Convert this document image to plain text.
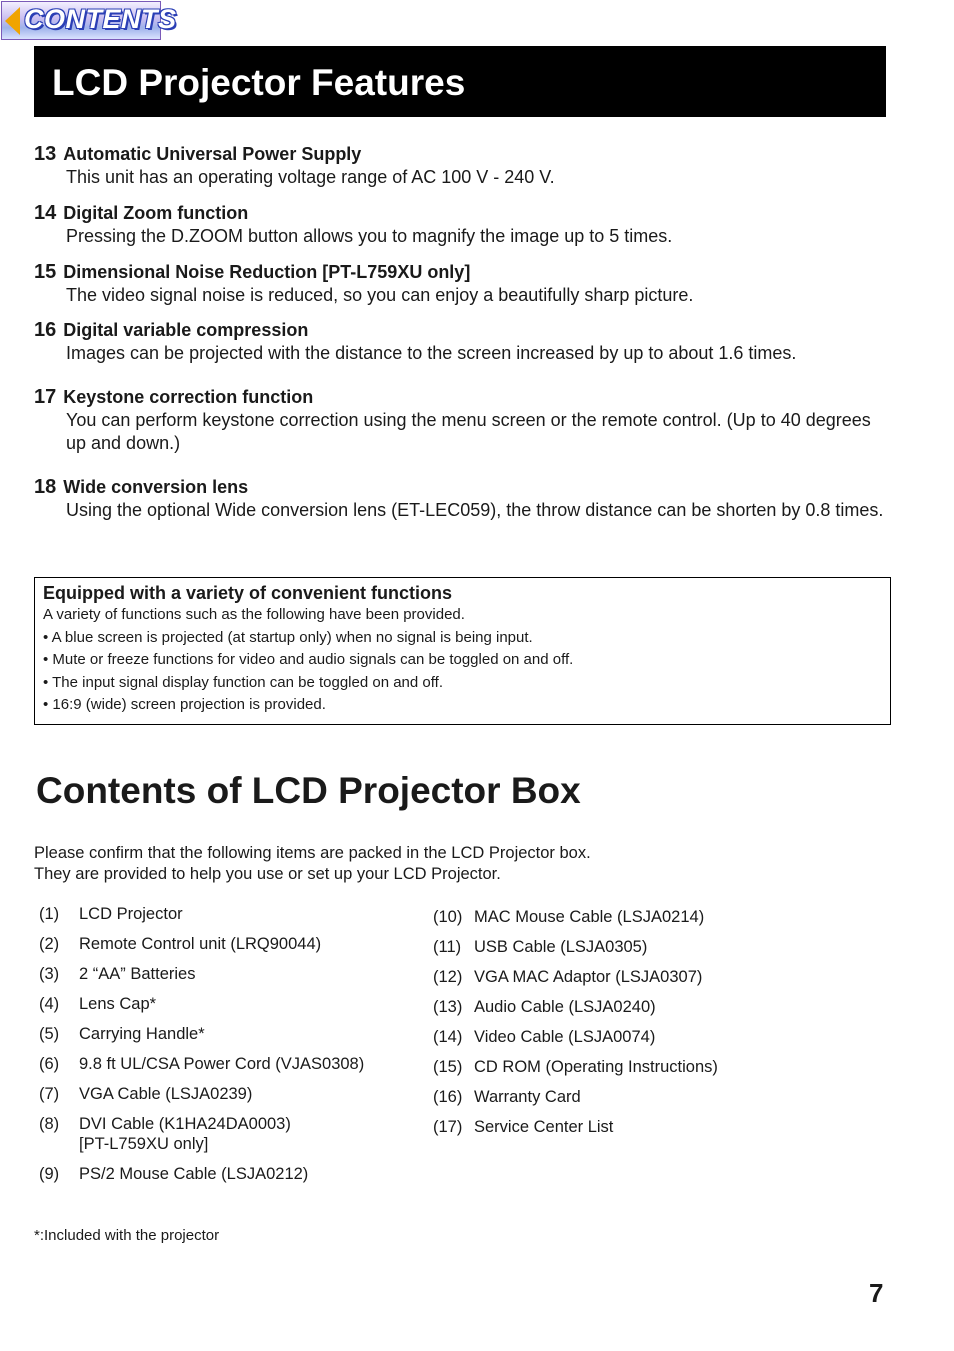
CONTENTS
LCD Projector Features
13 Automatic Universal Power Supply
This unit has an operating voltage range of AC 100 V - 240 V.
14 Digital Zoom function
Pressing the D.ZOOM button allows you to magnify the image up to 5 times.
15 Dimensional Noise Reduction [PT-L759XU only]
The video signal noise is reduced, so you can enjoy a beautifully sharp picture.
16 Digital variable compression
Images can be projected with the distance to the screen increased by up to about 1.6 times.
17 Keystone correction function
You can perform keystone correction using the menu screen or the remote control. (Up to 40 degrees up and down.)
18 Wide conversion lens
Using the optional Wide conversion lens (ET-LEC059), the throw distance can be shorten by 0.8 times.
Equipped with a variety of convenient functions

A variety of functions such as the following have been provided.

• A blue screen is projected (at startup only) when no signal is being input.
• Mute or freeze functions for video and audio signals can be toggled on and off.
• The input signal display function can be toggled on and off.
• 16:9 (wide) screen projection is provided.
Contents of LCD Projector Box
Please confirm that the following items are packed in the LCD Projector box.
They are provided to help you use or set up your LCD Projector.
(1)	LCD Projector
(2)	Remote Control unit (LRQ90044)
(3)	2 “AA” Batteries
(4)	Lens Cap*
(5)	Carrying Handle*
(6)	9.8 ft UL/CSA Power Cord (VJAS0308)
(7)	VGA Cable (LSJA0239)
(8)	DVI Cable (K1HA24DA0003)
[PT-L759XU only]
(9)	PS/2 Mouse Cable (LSJA0212)
(10) MAC Mouse Cable (LSJA0214)
(11) USB Cable (LSJA0305)
(12) VGA MAC Adaptor (LSJA0307)
(13) Audio Cable (LSJA0240)
(14) Video Cable (LSJA0074)
(15) CD ROM (Operating Instructions)
(16) Warranty Card
(17) Service Center List
*:Included with the projector
7
